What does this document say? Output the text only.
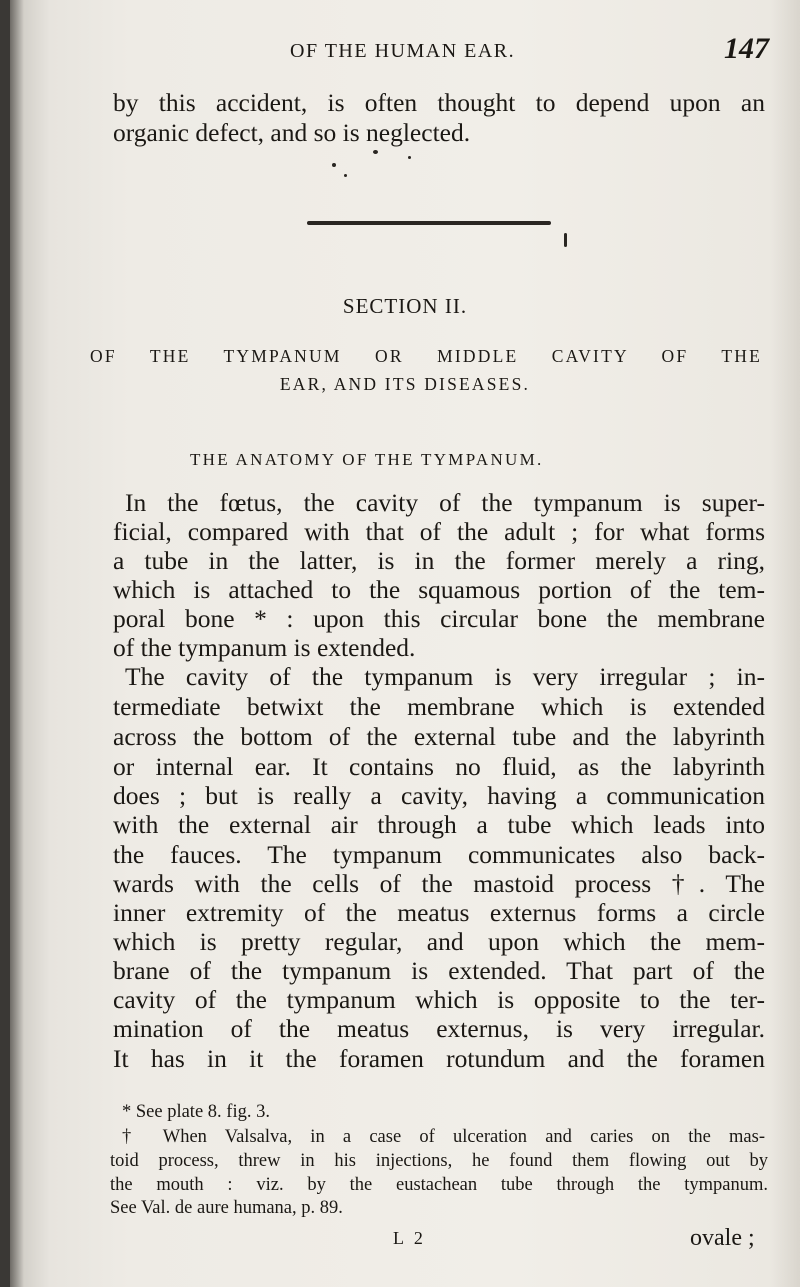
OF THE HUMAN EAR.	147
by this accident, is often thought to depend upon an
organic defect, and so is neglected.
SECTION II.
OF THE TYMPANUM OR MIDDLE CAVITY OF THE
EAR, AND ITS DISEASES.
THE ANATOMY OF THE TYMPANUM.
In the fœtus, the cavity of the tympanum is super-
ficial, compared with that of the adult ; for what forms
a tube in the latter, is in the former merely a ring,
which is attached to the squamous portion of the tem-
poral bone * : upon this circular bone the membrane
of the tympanum is extended.
The cavity of the tympanum is very irregular ; in-
termediate betwixt the membrane which is extended
across the bottom of the external tube and the labyrinth
or internal ear. It contains no fluid, as the labyrinth
does ; but is really a cavity, having a communication
with the external air through a tube which leads into
the fauces. The tympanum communicates also back-
wards with the cells of the mastoid process †. The
inner extremity of the meatus externus forms a circle
which is pretty regular, and upon which the mem-
brane of the tympanum is extended. That part of the
cavity of the tympanum which is opposite to the ter-
mination of the meatus externus, is very irregular.
It has in it the foramen rotundum and the foramen
* See plate 8. fig. 3.
† When Valsalva, in a case of ulceration and caries on the mas-
toid process, threw in his injections, he found them flowing out by
the mouth : viz. by the eustachean tube through the tympanum.
See Val. de aure humana, p. 89.
L 2	ovale ;
